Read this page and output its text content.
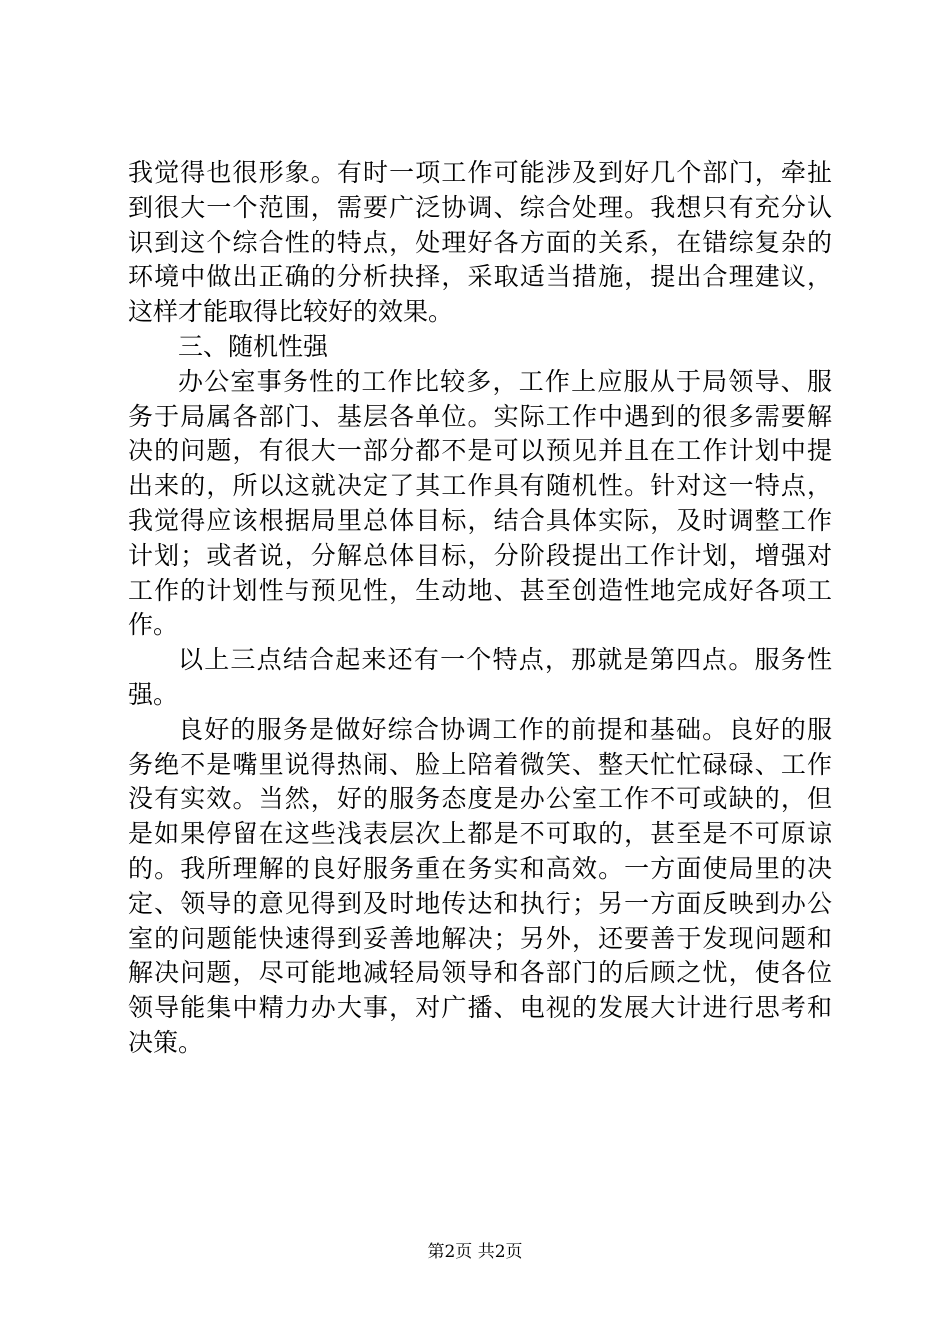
我觉得也很形象。有时一项工作可能涉及到好几个部门，牵扯
到很大一个范围，需要广泛协调、综合处理。我想只有充分认
识到这个综合性的特点，处理好各方面的关系，在错综复杂的
环境中做出正确的分析抉择，采取适当措施，提出合理建议，
这样才能取得比较好的效果。
三、随机性强
办公室事务性的工作比较多，工作上应服从于局领导、服
务于局属各部门、基层各单位。实际工作中遇到的很多需要解
决的问题，有很大一部分都不是可以预见并且在工作计划中提
出来的，所以这就决定了其工作具有随机性。针对这一特点，
我觉得应该根据局里总体目标，结合具体实际，及时调整工作
计划；或者说，分解总体目标，分阶段提出工作计划，增强对
工作的计划性与预见性，生动地、甚至创造性地完成好各项工
作。
以上三点结合起来还有一个特点，那就是第四点。服务性
强。
良好的服务是做好综合协调工作的前提和基础。良好的服
务绝不是嘴里说得热闹、脸上陪着微笑、整天忙忙碌碌、工作
没有实效。当然，好的服务态度是办公室工作不可或缺的，但
是如果停留在这些浅表层次上都是不可取的，甚至是不可原谅
的。我所理解的良好服务重在务实和高效。一方面使局里的决
定、领导的意见得到及时地传达和执行；另一方面反映到办公
室的问题能快速得到妥善地解决；另外，还要善于发现问题和
解决问题，尽可能地减轻局领导和各部门的后顾之忧，使各位
领导能集中精力办大事，对广播、电视的发展大计进行思考和
决策。
第2页 共2页
